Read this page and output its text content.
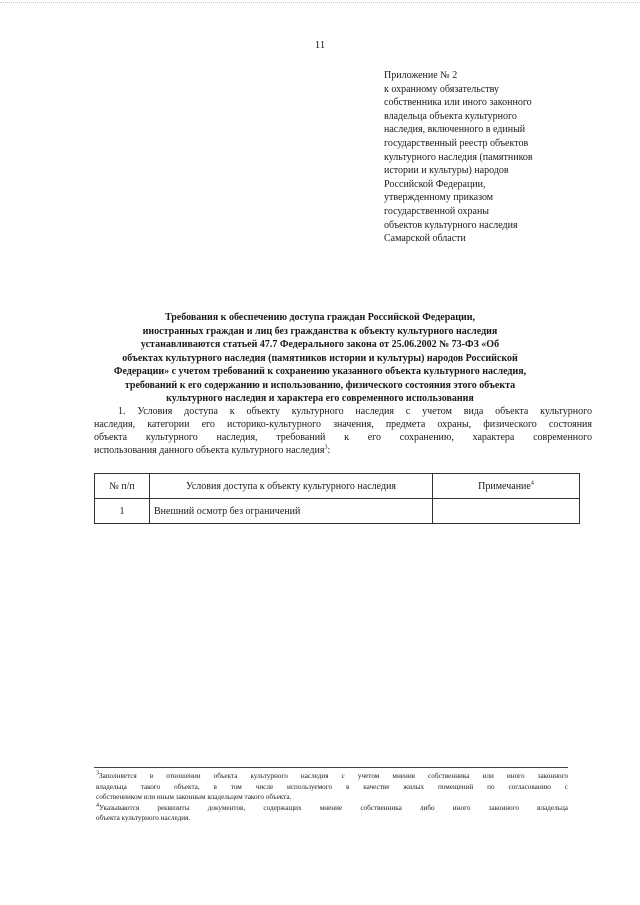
11
Приложение № 2
к охранному обязательству
собственника или иного законного
владельца объекта культурного
наследия, включенного в единый
государственный реестр объектов
культурного наследия (памятников
истории и культуры) народов
Российской Федерации,
утвержденному приказом
государственной охраны
объектов культурного наследия
Самарской области
Требования к обеспечению доступа граждан Российской Федерации,
иностранных граждан и лиц без гражданства к объекту культурного наследия
устанавливаются статьей 47.7 Федерального закона от 25.06.2002 № 73-ФЗ «Об
объектах культурного наследия (памятников истории и культуры) народов Российской
Федерации» с учетом требований к сохранению указанного объекта культурного наследия,
требований к его содержанию и использованию, физического состояния этого объекта
культурного наследия и характера его современного использования
1. Условия доступа к объекту культурного наследия с учетом вида объекта культурного
наследия, категории его историко-культурного значения, предмета охраны, физического состояния
объекта культурного наследия, требований к его сохранению, характера современного
использования данного объекта культурного наследия$^3$:
№ п/п	Условия доступа к объекту культурного наследия	Примечание$^4$
1	Внешний осмотр без ограничений	
$^3$Заполняется в отношении объекта культурного наследия с учетом мнения собственника или иного законного
владельца такого объекта, в том числе используемого в качестве жилых помещений по согласованию с
собственником или иным законным владельцем такого объекта.
$^4$Указываются реквизиты документов, содержащих мнение собственника либо иного законного владельца
объекта культурного наследия.
